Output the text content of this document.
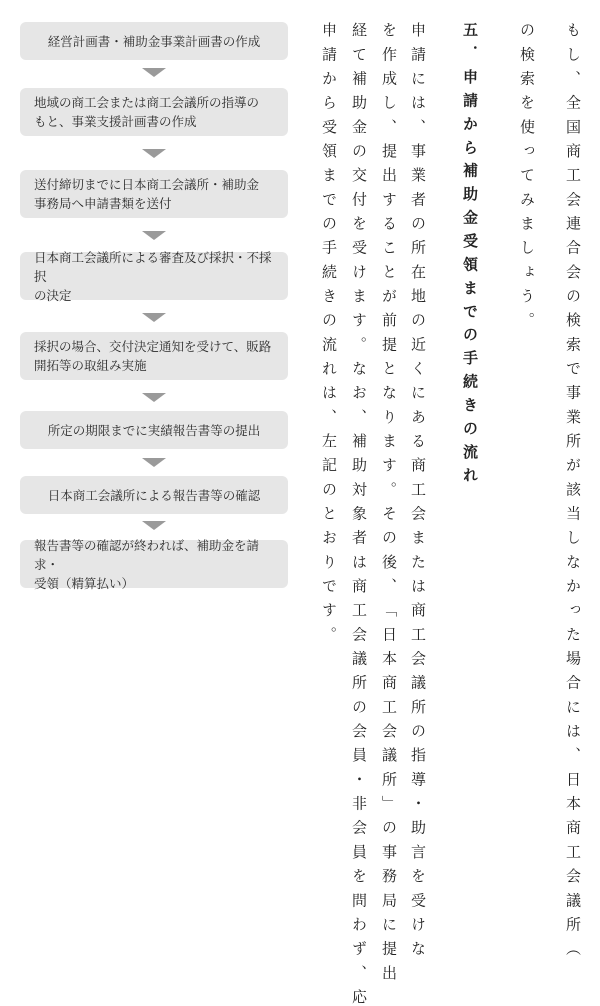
経営計画書・補助金事業計画書の作成
地域の商工会または商工会議所の指導の
もと、事業支援計画書の作成
送付締切までに日本商工会議所・補助金
事務局へ申請書類を送付
日本商工会議所による審査及び採択・不採択
の決定
採択の場合、交付決定通知を受けて、販路
開拓等の取組み実施
所定の期限までに実績報告書等の提出
日本商工会議所による報告書等の確認
報告書等の確認が終われば、補助金を請求・
受領（精算払い）	も し 、 全 国 商 工 会 連 合 会 の 検 索 で 事 業 所 が 該 当 し な か っ た 場 合 に は 、 日 本 商 工 会 議 所 （
の 検 索 を 使 っ て み ま し ょ う 。
五 ． 申 請 か ら 補 助 金 受 領 ま で の 手 続 き の 流 れ
申 請 に は 、 事 業 者 の 所 在 地 の 近 く に あ る 商 工 会 ま た は 商 工 会 議 所 の 指 導 ・ 助 言 を 受 け な
を 作 成 し 、 提 出 す る こ と が 前 提 と な り ま す 。 そ の 後 、 「 日 本 商 工 会 議 所 」 の 事 務 局 に 提 出
経 て 補 助 金 の 交 付 を 受 け ま す 。 な お 、 補 助 対 象 者 は 商 工 会 議 所 の 会 員 ・ 非 会 員 を 問 わ ず 、 応
申 請 か ら 受 領 ま で の 手 続 き の 流 れ は 、 左 記 の と お り で す 。
